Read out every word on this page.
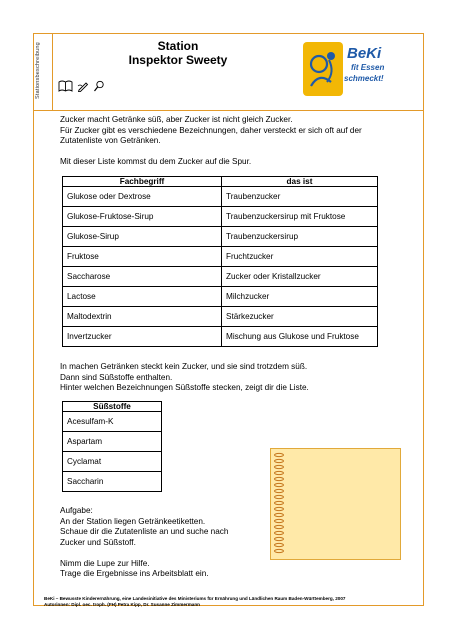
Stationsbeschreibung	Station
Inspektor Sweety	BeKi
fit Essen
schmeckt!
Zucker macht Getränke süß, aber Zucker ist nicht gleich Zucker.
Für Zucker gibt es verschiedene Bezeichnungen, daher versteckt er sich oft auf der
Zutatenliste von Getränken.
Mit dieser Liste kommst du dem Zucker auf die Spur.
Fachbegriff	das ist
Glukose oder Dextrose	Traubenzucker
Glukose-Fruktose-Sirup	Traubenzuckersirup mit Fruktose
Glukose-Sirup	Traubenzuckersirup
Fruktose	Fruchtzucker
Saccharose	Zucker oder Kristallzucker
Lactose	Milchzucker
Maltodextrin	Stärkezucker
Invertzucker	Mischung aus Glukose und Fruktose
In machen Getränken steckt kein Zucker, und sie sind trotzdem süß.
Dann sind Süßstoffe enthalten.
Hinter welchen Bezeichnungen Süßstoffe stecken, zeigt dir die Liste.
Süßstoffe
Acesulfam-K
Aspartam
Cyclamat
Saccharin
Aufgabe:
An der Station liegen Getränkeetiketten.
Schaue dir die Zutatenliste an und suche nach
Zucker und Süßstoff.
Nimm die Lupe zur Hilfe.
Trage die Ergebnisse ins Arbeitsblatt ein.
BeKi – Bewusste Kinderernährung, eine Landesinitiative des Ministeriums für Ernährung und Ländlichen Raum Baden-Württemberg, 2007
Autorinnen: Dipl. oec. troph. (FH) Petra Kipp, Dr. Susanne Zimmermann
